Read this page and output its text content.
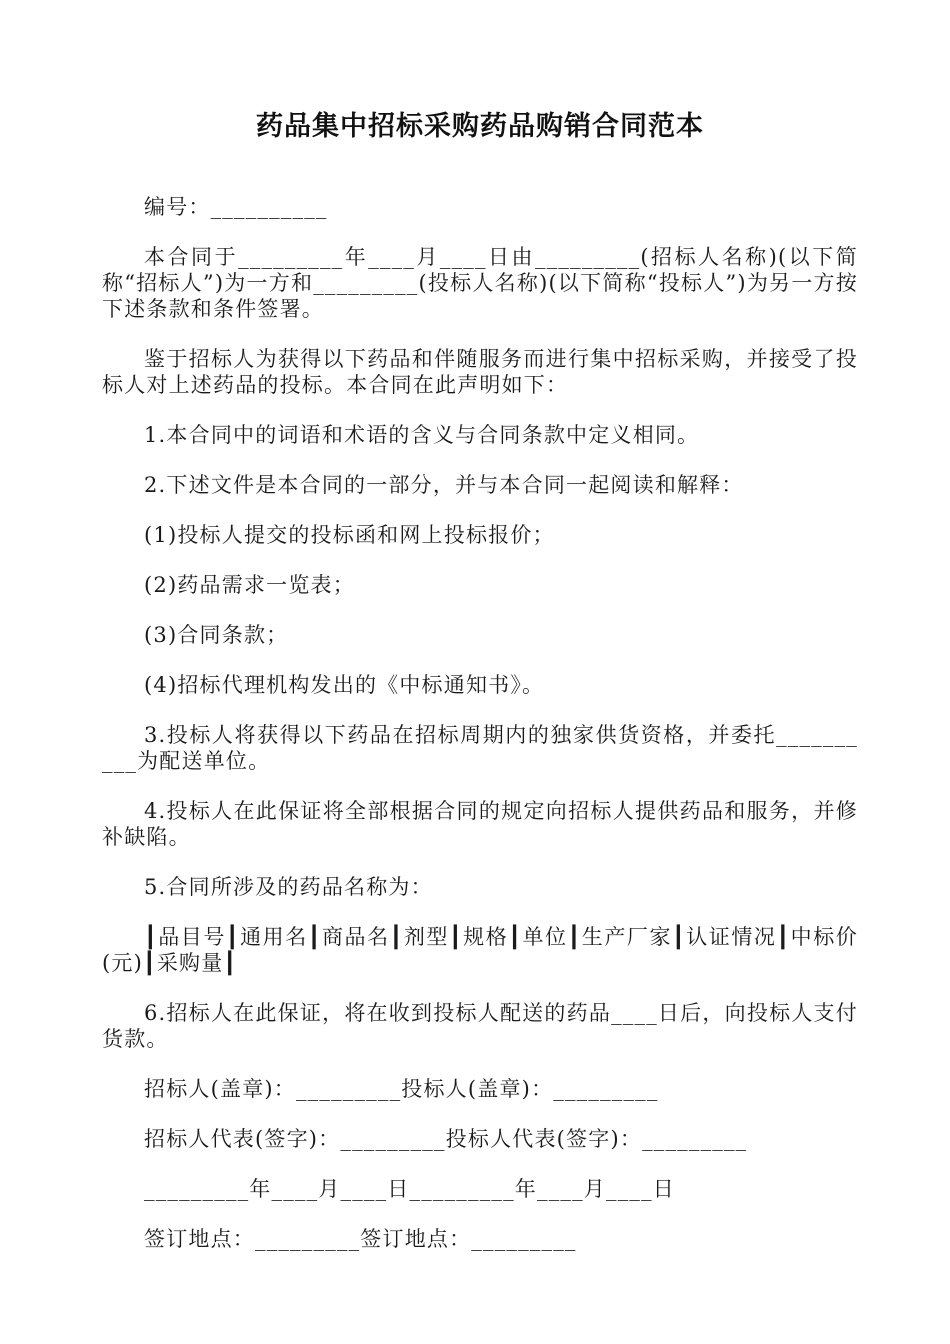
药品集中招标采购药品购销合同范本

编号：__________

本合同于_________年____月____日由_________(招标人名称)(以下简称“招标人”)为一方和_________(投标人名称)(以下简称“投标人”)为另一方按下述条款和条件签署。

鉴于招标人为获得以下药品和伴随服务而进行集中招标采购，并接受了投标人对上述药品的投标。本合同在此声明如下：

1.本合同中的词语和术语的含义与合同条款中定义相同。

2.下述文件是本合同的一部分，并与本合同一起阅读和解释：

(1)投标人提交的投标函和网上投标报价；

(2)药品需求一览表；

(3)合同条款；

(4)招标代理机构发出的《中标通知书》。

3.投标人将获得以下药品在招标周期内的独家供货资格，并委托__________为配送单位。

4.投标人在此保证将全部根据合同的规定向招标人提供药品和服务，并修补缺陷。

5.合同所涉及的药品名称为：

┃品目号┃通用名┃商品名┃剂型┃规格┃单位┃生产厂家┃认证情况┃中标价(元)┃采购量┃

6.招标人在此保证，将在收到投标人配送的药品____日后，向投标人支付货款。

招标人(盖章)：_________投标人(盖章)：_________

招标人代表(签字)：_________投标人代表(签字)：_________

_________年____月____日_________年____月____日

签订地点：_________签订地点：_________
